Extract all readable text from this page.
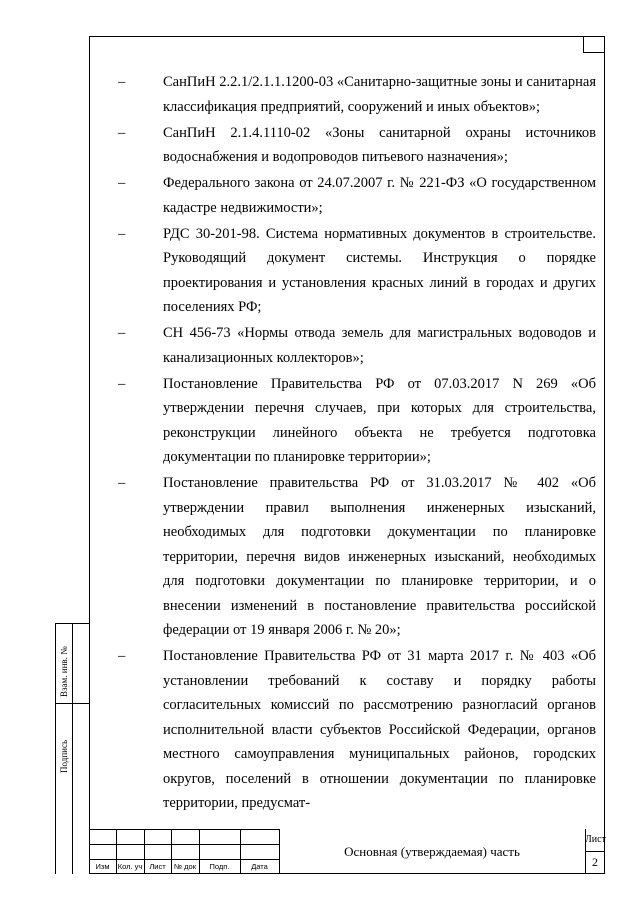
–	СанПиН 2.2.1/2.1.1.1200-03 «Санитарно-защитные зоны и санитарная классификация предприятий, сооружений и иных объектов»;
–	СанПиН 2.1.4.1110-02 «Зоны санитарной охраны источников водоснабжения и водопроводов питьевого назначения»;
–	Федерального закона от 24.07.2007 г. № 221-ФЗ «О государственном кадастре недвижимости»;
–	РДС 30-201-98. Система нормативных документов в строительстве. Руководящий документ системы. Инструкция о порядке проектирования и установления красных линий в городах и других поселениях РФ;
–	СН 456-73 «Нормы отвода земель для магистральных водоводов и канализационных коллекторов»;
–	Постановление Правительства РФ от 07.03.2017 N 269 «Об утверждении перечня случаев, при которых для строительства, реконструкции линейного объекта не требуется подготовка документации по планировке территории»;
–	Постановление правительства РФ от 31.03.2017 № 402 «Об утверждении правил выполнения инженерных изысканий, необходимых для подготовки документации по планировке территории, перечня видов инженерных изысканий, необходимых для подготовки документации по планировке территории, и о внесении изменений в постановление правительства российской федерации от 19 января 2006 г. № 20»;
–	Постановление Правительства РФ от 31 марта 2017 г. № 403 «Об установлении требований к составу и порядку работы согласительных комиссий по рассмотрению разногласий органов исполнительной власти субъектов Российской Федерации, органов местного самоуправления муниципальных районов, городских округов, поселений в отношении документации по планировке территории, предусмат-
Взам. инв. №
Подпись
Изм	Кол. уч Лист	№ док	Подп.	Дата
Основная (утверждаемая) часть
Лист
2
